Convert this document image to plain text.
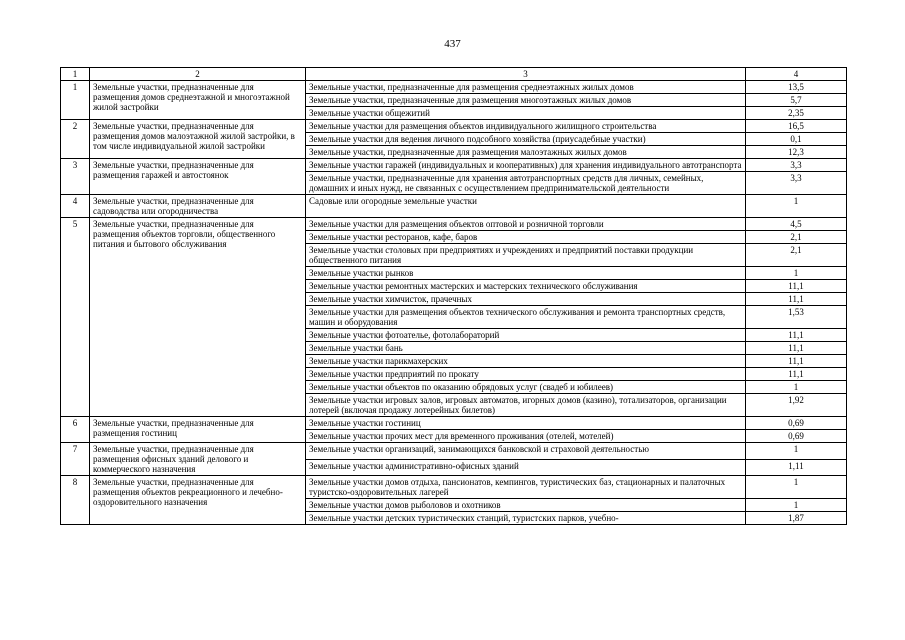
437
1	2	3	4
1	Земельные участки, предназначенные для размещения домов среднеэтажной и многоэтажной жилой застройки	Земельные участки, предназначенные для размещения среднеэтажных жилых домов	13,5
		Земельные участки, предназначенные для размещения многоэтажных жилых домов	5,7
		Земельные участки общежитий	2,35
2	Земельные участки, предназначенные для размещения домов малоэтажной жилой застройки, в том числе индивидуальной жилой застройки	Земельные участки для размещения объектов индивидуального жилищного строительства	16,5
		Земельные участки для ведения личного подсобного хозяйства (приусадебные участки)	0,1
		Земельные участки, предназначенные для размещения малоэтажных жилых домов	12,3
3	Земельные участки, предназначенные для размещения гаражей и автостоянок	Земельные участки гаражей (индивидуальных и кооперативных) для хранения индивидуального автотранспорта	3,3
		Земельные участки, предназначенные для хранения автотранспортных средств для личных, семейных, домашних и иных нужд, не связанных с осуществлением предпринимательской деятельности	3,3
4	Земельные участки, предназначенные для садоводства или огородничества	Садовые или огородные земельные участки	1
5	Земельные участки, предназначенные для размещения объектов торговли, общественного питания и бытового обслуживания	Земельные участки для размещения объектов оптовой и розничной торговли	4,5
		Земельные участки ресторанов, кафе, баров	2,1
		Земельные участки столовых при предприятиях и учреждениях и предприятий поставки продукции общественного питания	2,1
		Земельные участки рынков	1
		Земельные участки ремонтных мастерских и мастерских технического обслуживания	11,1
		Земельные участки химчисток, прачечных	11,1
		Земельные участки для размещения объектов технического обслуживания и ремонта транспортных средств, машин и оборудования	1,53
		Земельные участки фотоателье, фотолабораторий	11,1
		Земельные участки бань	11,1
		Земельные участки парикмахерских	11,1
		Земельные участки предприятий по прокату	11,1
		Земельные участки объектов по оказанию обрядовых услуг (свадеб и юбилеев)	1
		Земельные участки игровых залов, игровых автоматов, игорных домов (казино), тотализаторов, организации лотерей (включая продажу лотерейных билетов)	1,92
6	Земельные участки, предназначенные для размещения гостиниц	Земельные участки гостиниц	0,69
		Земельные участки прочих мест для временного проживания (отелей, мотелей)	0,69
7	Земельные участки, предназначенные для размещения офисных зданий делового и коммерческого назначения	Земельные участки организаций, занимающихся банковской и страховой деятельностью	1
		Земельные участки административно-офисных зданий	1,11
8	Земельные участки, предназначенные для размещения объектов рекреационного и лечебно-оздоровительного назначения	Земельные участки домов отдыха, пансионатов, кемпингов, туристических баз, стационарных и палаточных туристско-оздоровительных лагерей	1
		Земельные участки домов рыболовов и охотников	1
		Земельные участки детских туристических станций, туристских парков, учебно-	1,87
